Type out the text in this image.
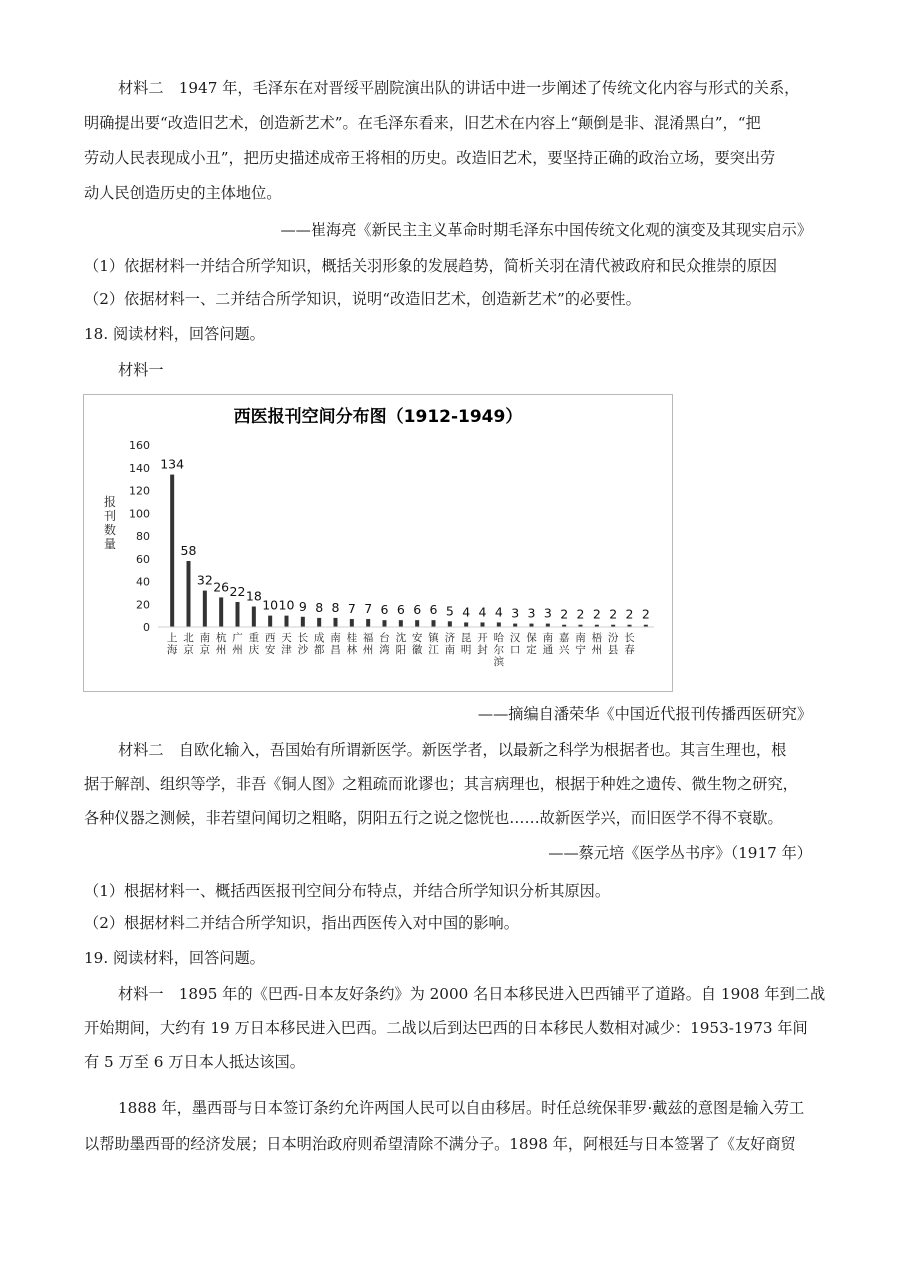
材料二　1947 年，毛泽东在对晋绥平剧院演出队的讲话中进一步阐述了传统文化内容与形式的关系，
明确提出要“改造旧艺术，创造新艺术”。在毛泽东看来，旧艺术在内容上“颠倒是非、混淆黑白”，“把
劳动人民表现成小丑”，把历史描述成帝王将相的历史。改造旧艺术，要坚持正确的政治立场，要突出劳
动人民创造历史的主体地位。
——崔海亮《新民主主义革命时期毛泽东中国传统文化观的演变及其现实启示》
（1）依据材料一并结合所学知识，概括关羽形象的发展趋势，简析关羽在清代被政府和民众推崇的原因
（2）依据材料一、二并结合所学知识，说明“改造旧艺术，创造新艺术”的必要性。
18. 阅读材料，回答问题。
材料一
西医报刊空间分布图（1912-1949）
报刊数量
0
20
40
60
80
100
120
140
160
134
上海
58
北京
32
南京
26
杭州
22
广州
18
重庆
10
西安
10
天津
9
长沙
8
成都
8
南昌
7
桂林
7
福州
6
台湾
6
沈阳
6
安徽
6
镇江
5
济南
4
昆明
4
开封
4
哈尔滨
3
汉口
3
保定
3
南通
2
嘉兴
2
南宁
2
梧州
2
汾县
2
长春
2
——摘编自潘荣华《中国近代报刊传播西医研究》
材料二　自欧化输入，吾国始有所谓新医学。新医学者，以最新之科学为根据者也。其言生理也，根
据于解剖、组织等学，非吾《铜人图》之粗疏而讹谬也；其言病理也，根据于种姓之遗传、微生物之研究，
各种仪器之测候，非若望问闻切之粗略，阴阳五行之说之惚恍也……故新医学兴，而旧医学不得不衰歇。
——蔡元培《医学丛书序》（1917 年）
（1）根据材料一、概括西医报刊空间分布特点，并结合所学知识分析其原因。
（2）根据材料二并结合所学知识，指出西医传入对中国的影响。
19. 阅读材料，回答问题。
材料一　1895 年的《巴西-日本友好条约》为 2000 名日本移民进入巴西铺平了道路。自 1908 年到二战
开始期间，大约有 19 万日本移民进入巴西。二战以后到达巴西的日本移民人数相对减少：1953-1973 年间
有 5 万至 6 万日本人抵达该国。
1888 年，墨西哥与日本签订条约允许两国人民可以自由移居。时任总统保菲罗·戴兹的意图是输入劳工
以帮助墨西哥的经济发展；日本明治政府则希望清除不满分子。1898 年，阿根廷与日本签署了《友好商贸
